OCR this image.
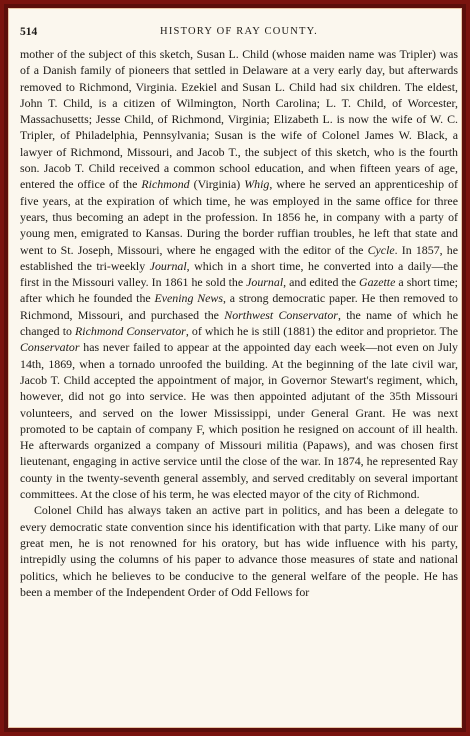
514	HISTORY OF RAY COUNTY.

mother of the subject of this sketch, Susan L. Child (whose maiden name was Tripler) was of a Danish family of pioneers that settled in Delaware at a very early day, but afterwards removed to Richmond, Virginia. Ezekiel and Susan L. Child had six children. The eldest, John T. Child, is a citizen of Wilmington, North Carolina; L. T. Child, of Worcester, Massachusetts; Jesse Child, of Richmond, Virginia; Elizabeth L. is now the wife of W. C. Tripler, of Philadelphia, Pennsylvania; Susan is the wife of Colonel James W. Black, a lawyer of Richmond, Missouri, and Jacob T., the subject of this sketch, who is the fourth son. Jacob T. Child received a common school education, and when fifteen years of age, entered the office of the Richmond (Virginia) Whig, where he served an apprenticeship of five years, at the expiration of which time, he was employed in the same office for three years, thus becoming an adept in the profession. In 1856 he, in company with a party of young men, emigrated to Kansas. During the border ruffian troubles, he left that state and went to St. Joseph, Missouri, where he engaged with the editor of the Cycle. In 1857, he established the tri-weekly Journal, which in a short time, he converted into a daily—the first in the Missouri valley. In 1861 he sold the Journal, and edited the Gazette a short time; after which he founded the Evening News, a strong democratic paper. He then removed to Richmond, Missouri, and purchased the Northwest Conservator, the name of which he changed to Richmond Conservator, of which he is still (1881) the editor and proprietor. The Conservator has never failed to appear at the appointed day each week—not even on July 14th, 1869, when a tornado unroofed the building. At the beginning of the late civil war, Jacob T. Child accepted the appointment of major, in Governor Stewart's regiment, which, however, did not go into service. He was then appointed adjutant of the 35th Missouri volunteers, and served on the lower Mississippi, under General Grant. He was next promoted to be captain of company F, which position he resigned on account of ill health. He afterwards organized a company of Missouri militia (Papaws), and was chosen first lieutenant, engaging in active service until the close of the war. In 1874, he represented Ray county in the twenty-seventh general assembly, and served creditably on several important committees. At the close of his term, he was elected mayor of the city of Richmond.

Colonel Child has always taken an active part in politics, and has been a delegate to every democratic state convention since his identification with that party. Like many of our great men, he is not renowned for his oratory, but has wide influence with his party, intrepidly using the columns of his paper to advance those measures of state and national politics, which he believes to be conducive to the general welfare of the people. He has been a member of the Independent Order of Odd Fellows for
